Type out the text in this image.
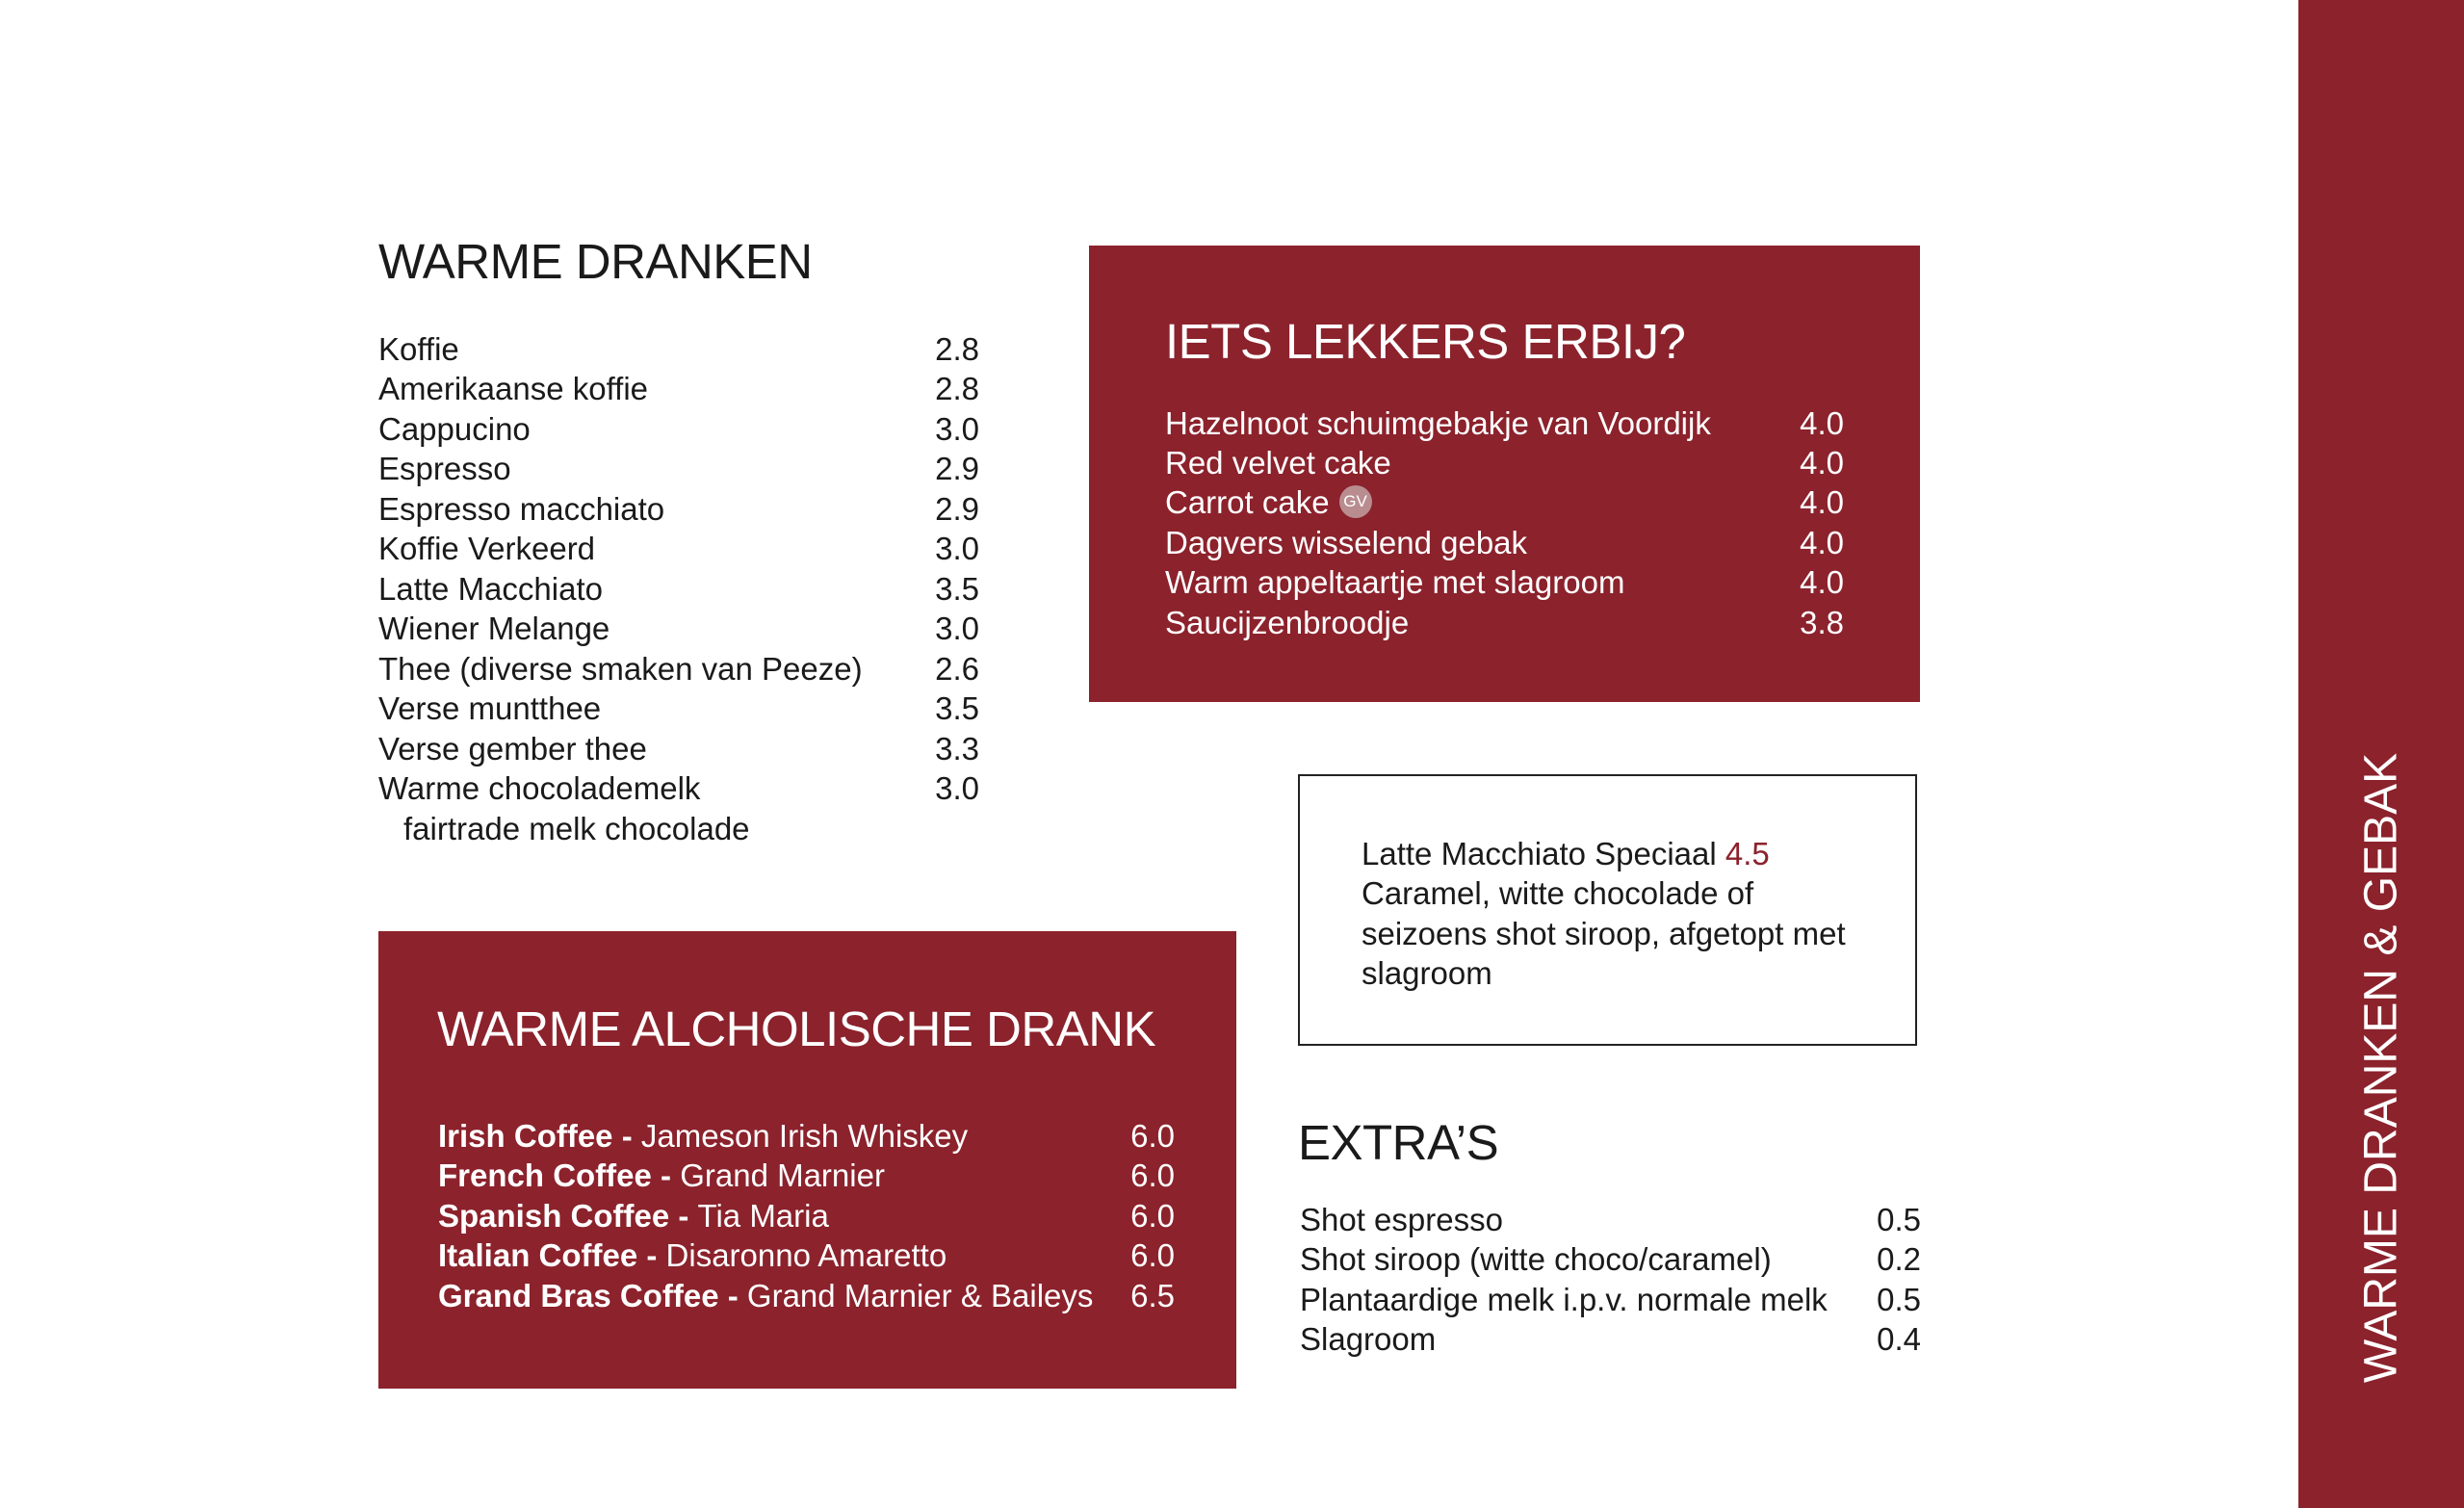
WARME DRANKEN
Koffie	2.8
Amerikaanse koffie	2.8
Cappucino	3.0
Espresso	2.9
Espresso macchiato	2.9
Koffie Verkeerd	3.0
Latte Macchiato	3.5
Wiener Melange	3.0
Thee (diverse smaken van Peeze) 2.6
Verse muntthee	3.5
Verse gember thee	3.3
Warme chocolademelk	3.0
fairtrade melk chocolade
IETS LEKKERS ERBIJ?
Hazelnoot schuimgebakje van Voordijk	4.0
Red velvet cake	4.0
Carrot cake GV	4.0
Dagvers wisselend gebak	4.0
Warm appeltaartje met slagroom	4.0
Saucijzenbroodje	3.8
Latte Macchiato Speciaal 4.5
Caramel, witte chocolade of
seizoens shot siroop, afgetopt met
slagroom
WARME ALCHOLISCHE DRANK
Irish Coffee - Jameson Irish Whiskey	6.0
French Coffee - Grand Marnier	6.0
Spanish Coffee - Tia Maria	6.0
Italian Coffee - Disaronno Amaretto	6.0
Grand Bras Coffee - Grand Marnier & Baileys 6.5
EXTRA’S
Shot espresso	0.5
Shot siroop (witte choco/caramel)	0.2
Plantaardige melk i.p.v. normale melk 0.5
Slagroom	0.4	WARME DRANKEN & GEBAK
